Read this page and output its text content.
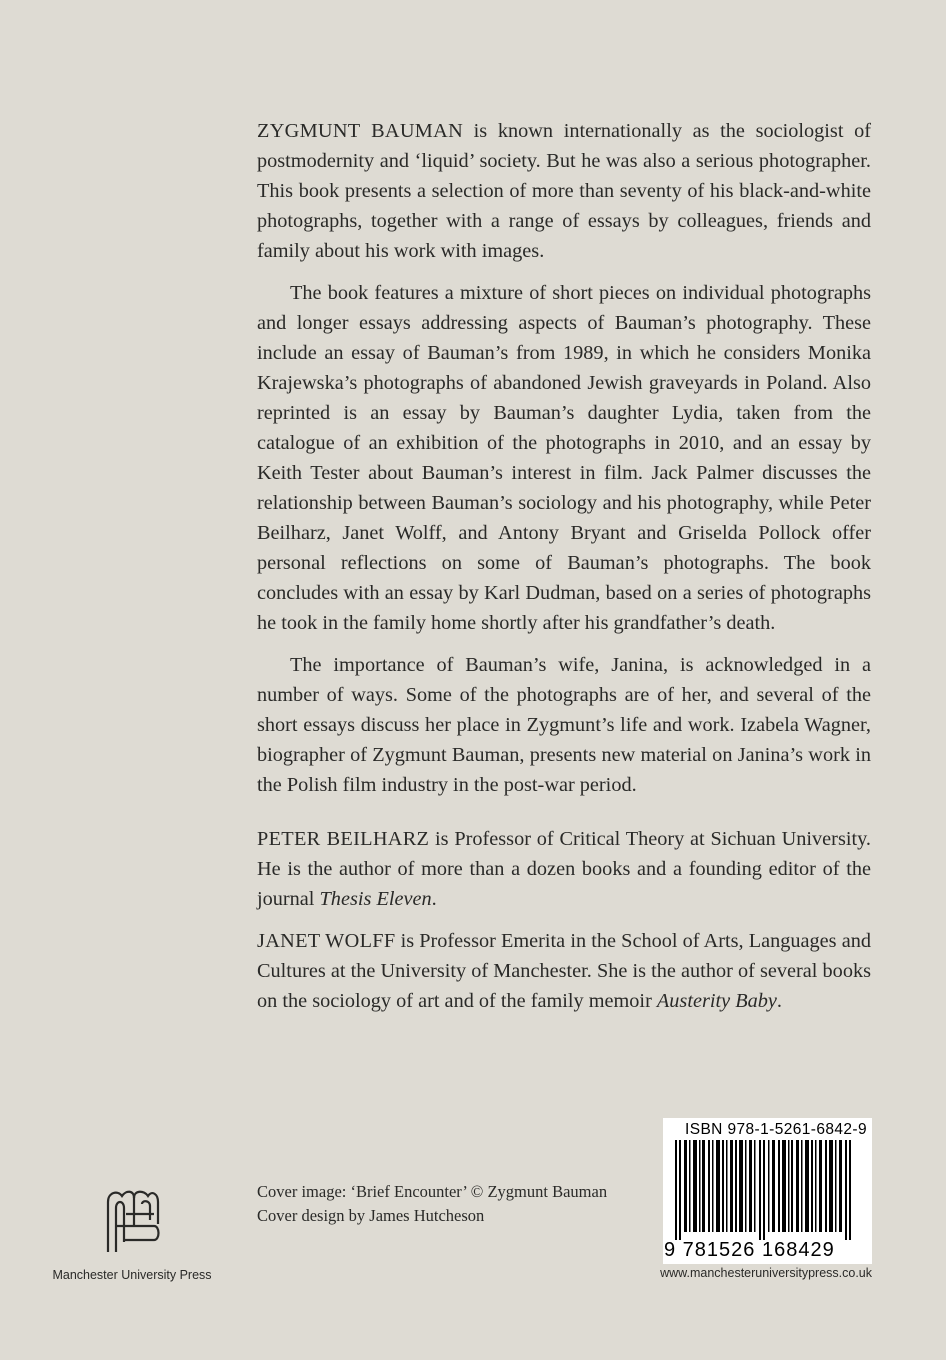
ZYGMUNT BAUMAN is known internationally as the sociologist of postmodernity and ‘liquid’ society. But he was also a serious photographer. This book presents a selection of more than seventy of his black-and-white photographs, together with a range of essays by colleagues, friends and family about his work with images.

The book features a mixture of short pieces on individual photographs and longer essays addressing aspects of Bauman’s photography. These include an essay of Bauman’s from 1989, in which he considers Monika Krajewska’s photographs of abandoned Jewish graveyards in Poland. Also reprinted is an essay by Bauman’s daughter Lydia, taken from the catalogue of an exhibition of the photographs in 2010, and an essay by Keith Tester about Bauman’s interest in film. Jack Palmer discusses the relationship between Bauman’s sociology and his photography, while Peter Beilharz, Janet Wolff, and Antony Bryant and Griselda Pollock offer personal reflections on some of Bauman’s photographs. The book concludes with an essay by Karl Dudman, based on a series of photographs he took in the family home shortly after his grandfather’s death.

The importance of Bauman’s wife, Janina, is acknowledged in a number of ways. Some of the photographs are of her, and several of the short essays discuss her place in Zygmunt’s life and work. Izabela Wagner, biographer of Zygmunt Bauman, presents new material on Janina’s work in the Polish film industry in the post-war period.

PETER BEILHARZ is Professor of Critical Theory at Sichuan University. He is the author of more than a dozen books and a founding editor of the journal Thesis Eleven.

JANET WOLFF is Professor Emerita in the School of Arts, Languages and Cultures at the University of Manchester. She is the author of several books on the sociology of art and of the family memoir Austerity Baby.

Cover image: ‘Brief Encounter’ © Zygmunt Bauman
Cover design by James Hutcheson
Manchester University Press
ISBN 978-1-5261-6842-9
9 781526 168429
www.manchesteruniversitypress.co.uk
